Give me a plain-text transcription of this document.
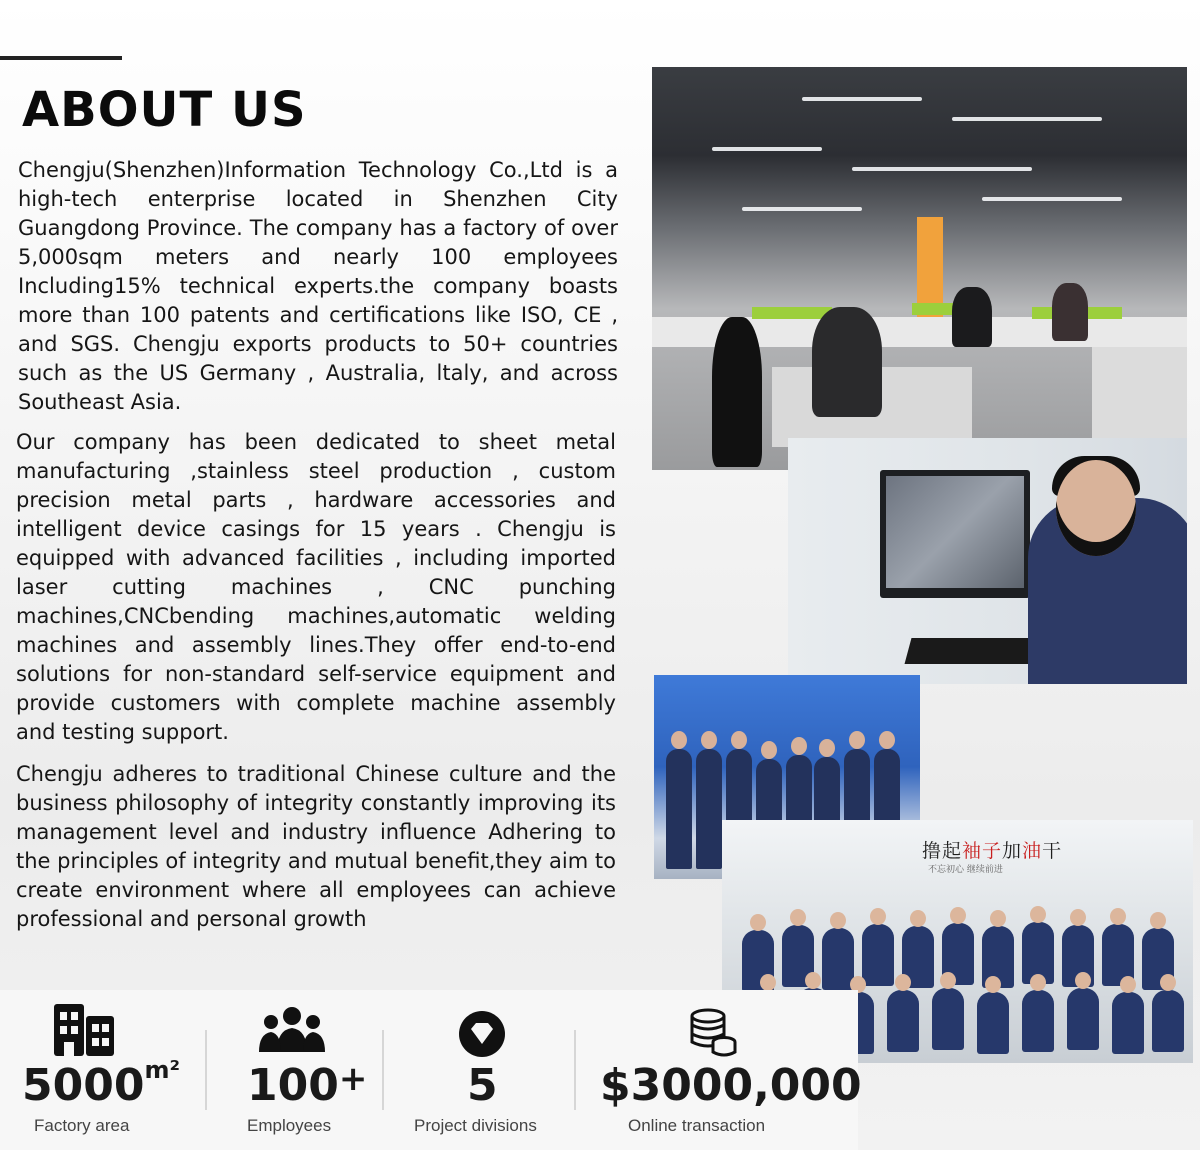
ABOUT US

Chengju(Shenzhen)Information Technology Co.,Ltd is a high-tech enterprise located in Shenzhen City Guangdong Province. The company has a factory of over 5,000sqm meters and nearly 100 employees Including15% technical experts.the company boasts more than 100 patents and certifications like ISO, CE , and SGS. Chengju exports products to 50+ countries such as the US Germany , Australia, ltaly, and across Southeast Asia.

Our company has been dedicated to sheet metal manufacturing ,stainless steel production , custom precision metal parts , hardware accessories and intelligent device casings for 15 years . Chengju is equipped with advanced facilities , including imported laser cutting machines , CNC punching machines,CNCbending machines,automatic welding machines and assembly lines.They offer end-to-end solutions for non-standard self-service equipment and provide customers with complete machine assembly and testing support.

Chengju adheres to traditional Chinese culture and the business philosophy of integrity constantly improving its management level and industry influence Adhering to the principles of integrity and mutual benefit,they aim to create environment where all employees can achieve professional and personal growth

撸起袖子加油干

不忘初心 继续前进

$5000^{m^2}$

Factory area

100+

Employees

5

Project divisions

$3000,000

Online transaction
